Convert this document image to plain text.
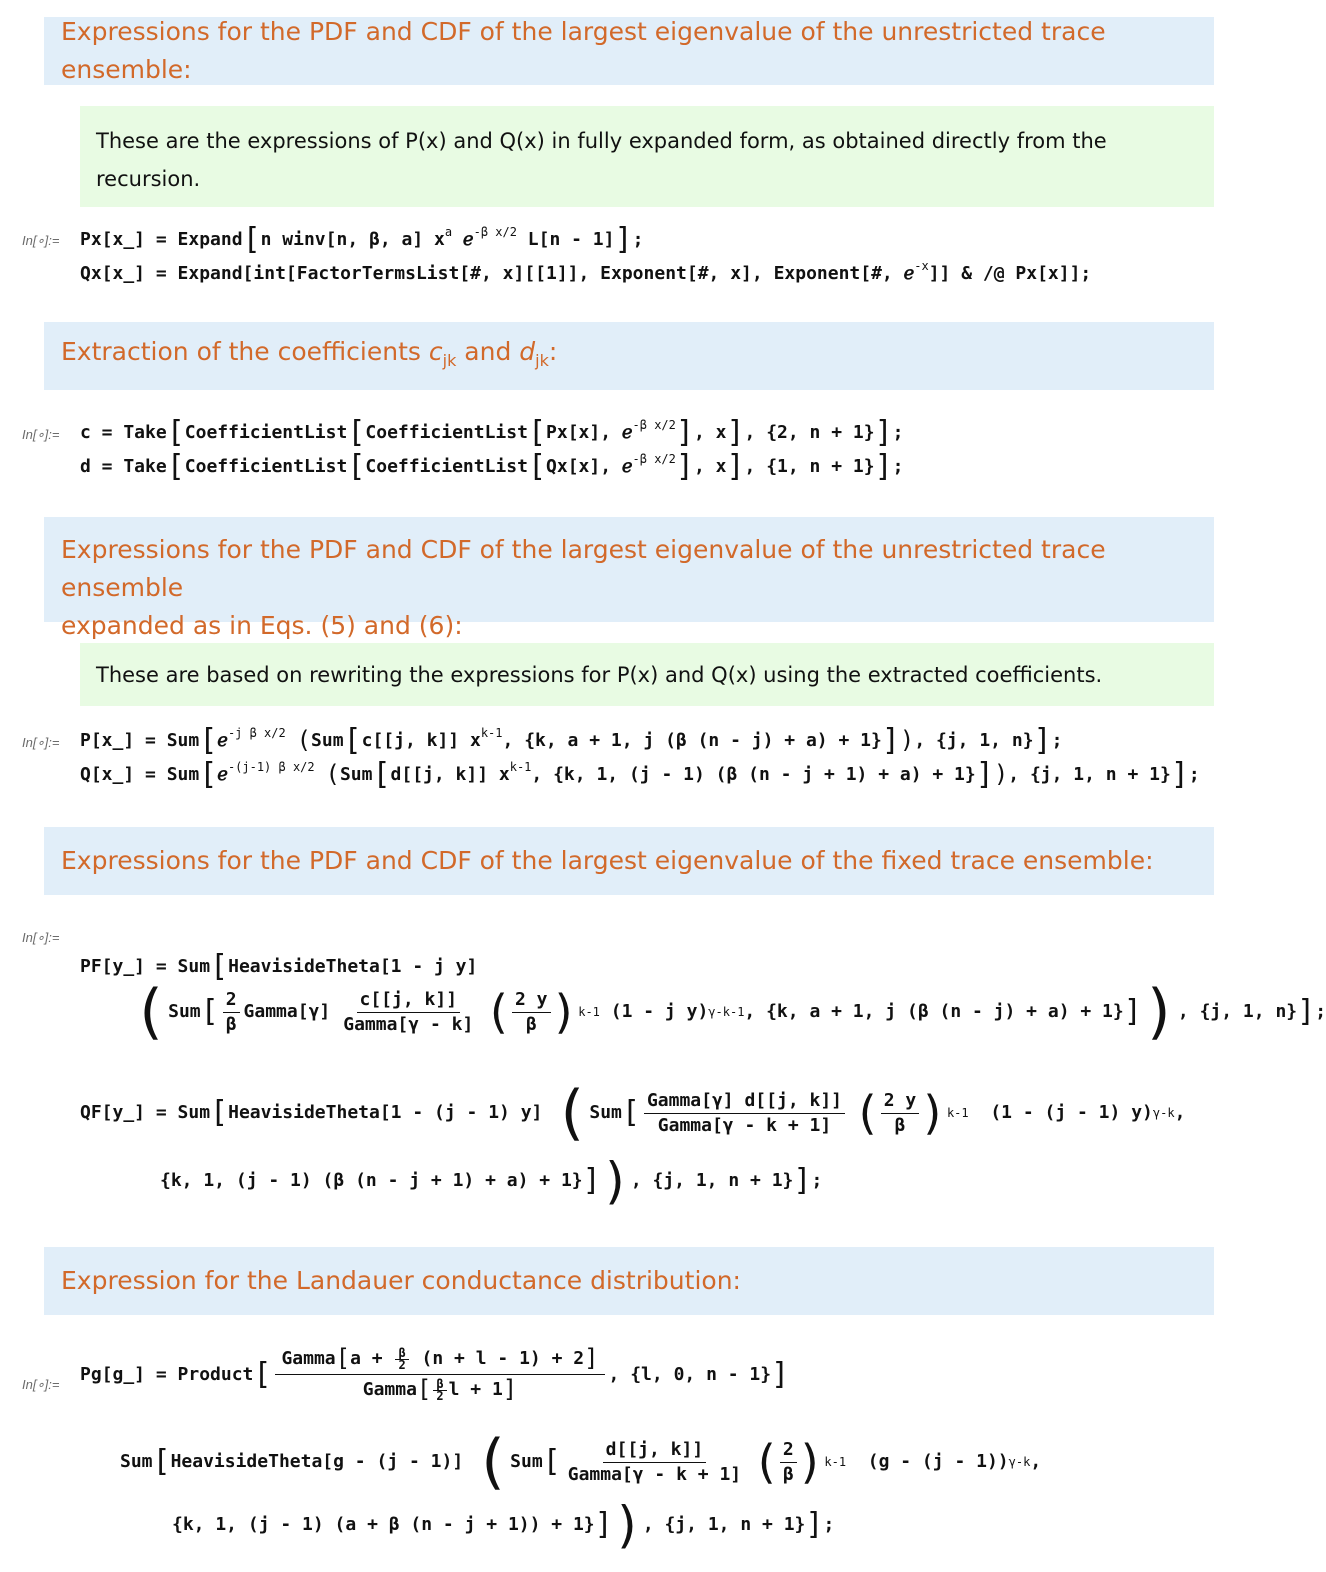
Expressions for the PDF and CDF of the largest eigenvalue of the unrestricted trace ensemble:
These are the expressions of P(x) and Q(x) in fully expanded form, as obtained directly from the
recursion.
In[∘]:= Px[x_] = Expand[n winv[n, β, a] $x^a$ ℯ$^{-\beta x/2}$ L[n - 1]];
Qx[x_] = Expand[int[FactorTermsList[#, x][[1]], Exponent[#, x], Exponent[#, ℯ$^{-x}$]] & /@ Px[x]];
Extraction of the coefficients $c_{jk}$ and $d_{jk}$:
In[∘]:= c = Take[CoefficientList[CoefficientList[Px[x], ℯ$^{-\beta x/2}$], x], {2, n + 1}];
d = Take[CoefficientList[CoefficientList[Qx[x], ℯ$^{-\beta x/2}$], x], {1, n + 1}];
Expressions for the PDF and CDF of the largest eigenvalue of the unrestricted trace ensemble
expanded as in Eqs. (5) and (6):
These are based on rewriting the expressions for P(x) and Q(x) using the extracted coefficients.
In[∘]:= P[x_] = Sum[ℯ$^{-j \beta x/2}$ (Sum[c[[j, k]] $x^{k-1}$, {k, a + 1, j (β (n - j) + a) + 1}]), {j, 1, n}];
Q[x_] = Sum[ℯ$^{-(j-1) \beta x/2}$ (Sum[d[[j, k]] $x^{k-1}$, {k, 1, (j - 1) (β (n - j + 1) + a) + 1}]), {j, 1, n + 1}];
Expressions for the PDF and CDF of the largest eigenvalue of the fixed trace ensemble:
In[∘]:=
PF[y_] = Sum[HeavisideTheta[1 - j y]
( Sum [ $\frac{2}{\beta}$ Gamma[γ] $\frac{c[[j, k]]}{\text{Gamma[γ - k]}}$ ( $\frac{2 y}{\beta}$ ) k-1
(1 - j y) γ-k-1 , {k, a + 1, j (β (n - j) + a) + 1} ] ) , {j, 1, n} ] ;
QF[y_] = Sum [ HeavisideTheta[1 - (j - 1) y]
( Sum [ $\frac{\text{Gamma[γ] d[[j, k]]}}{\text{Gamma[γ - k + 1]}}$ ( $\frac{2 y}{\beta}$ ) k-1
(1 - (j - 1) y) γ-k ,
{k, 1, (j - 1) (β (n - j + 1) + a) + 1}]), {j, 1, n + 1}];
Expression for the Landauer conductance distribution:
In[∘]:= Pg[g_] = Product [ $\frac{Gamma[a + \frac{\beta}{2} (n + l - 1) + 2]}{Gamma[ \frac{\beta}{2} l + 1]}$ , {l, 0, n - 1} ]
Sum [ HeavisideTheta[g - (j - 1)]
( Sum [ $\frac{d[[j, k]]}{\text{Gamma[γ - k + 1]}}$ ( $\frac{2}{\beta}$ ) k-1
(g - (j - 1)) γ-k ,
{k, 1, (j - 1) (a + β (n - j + 1)) + 1}]), {j, 1, n + 1}];
